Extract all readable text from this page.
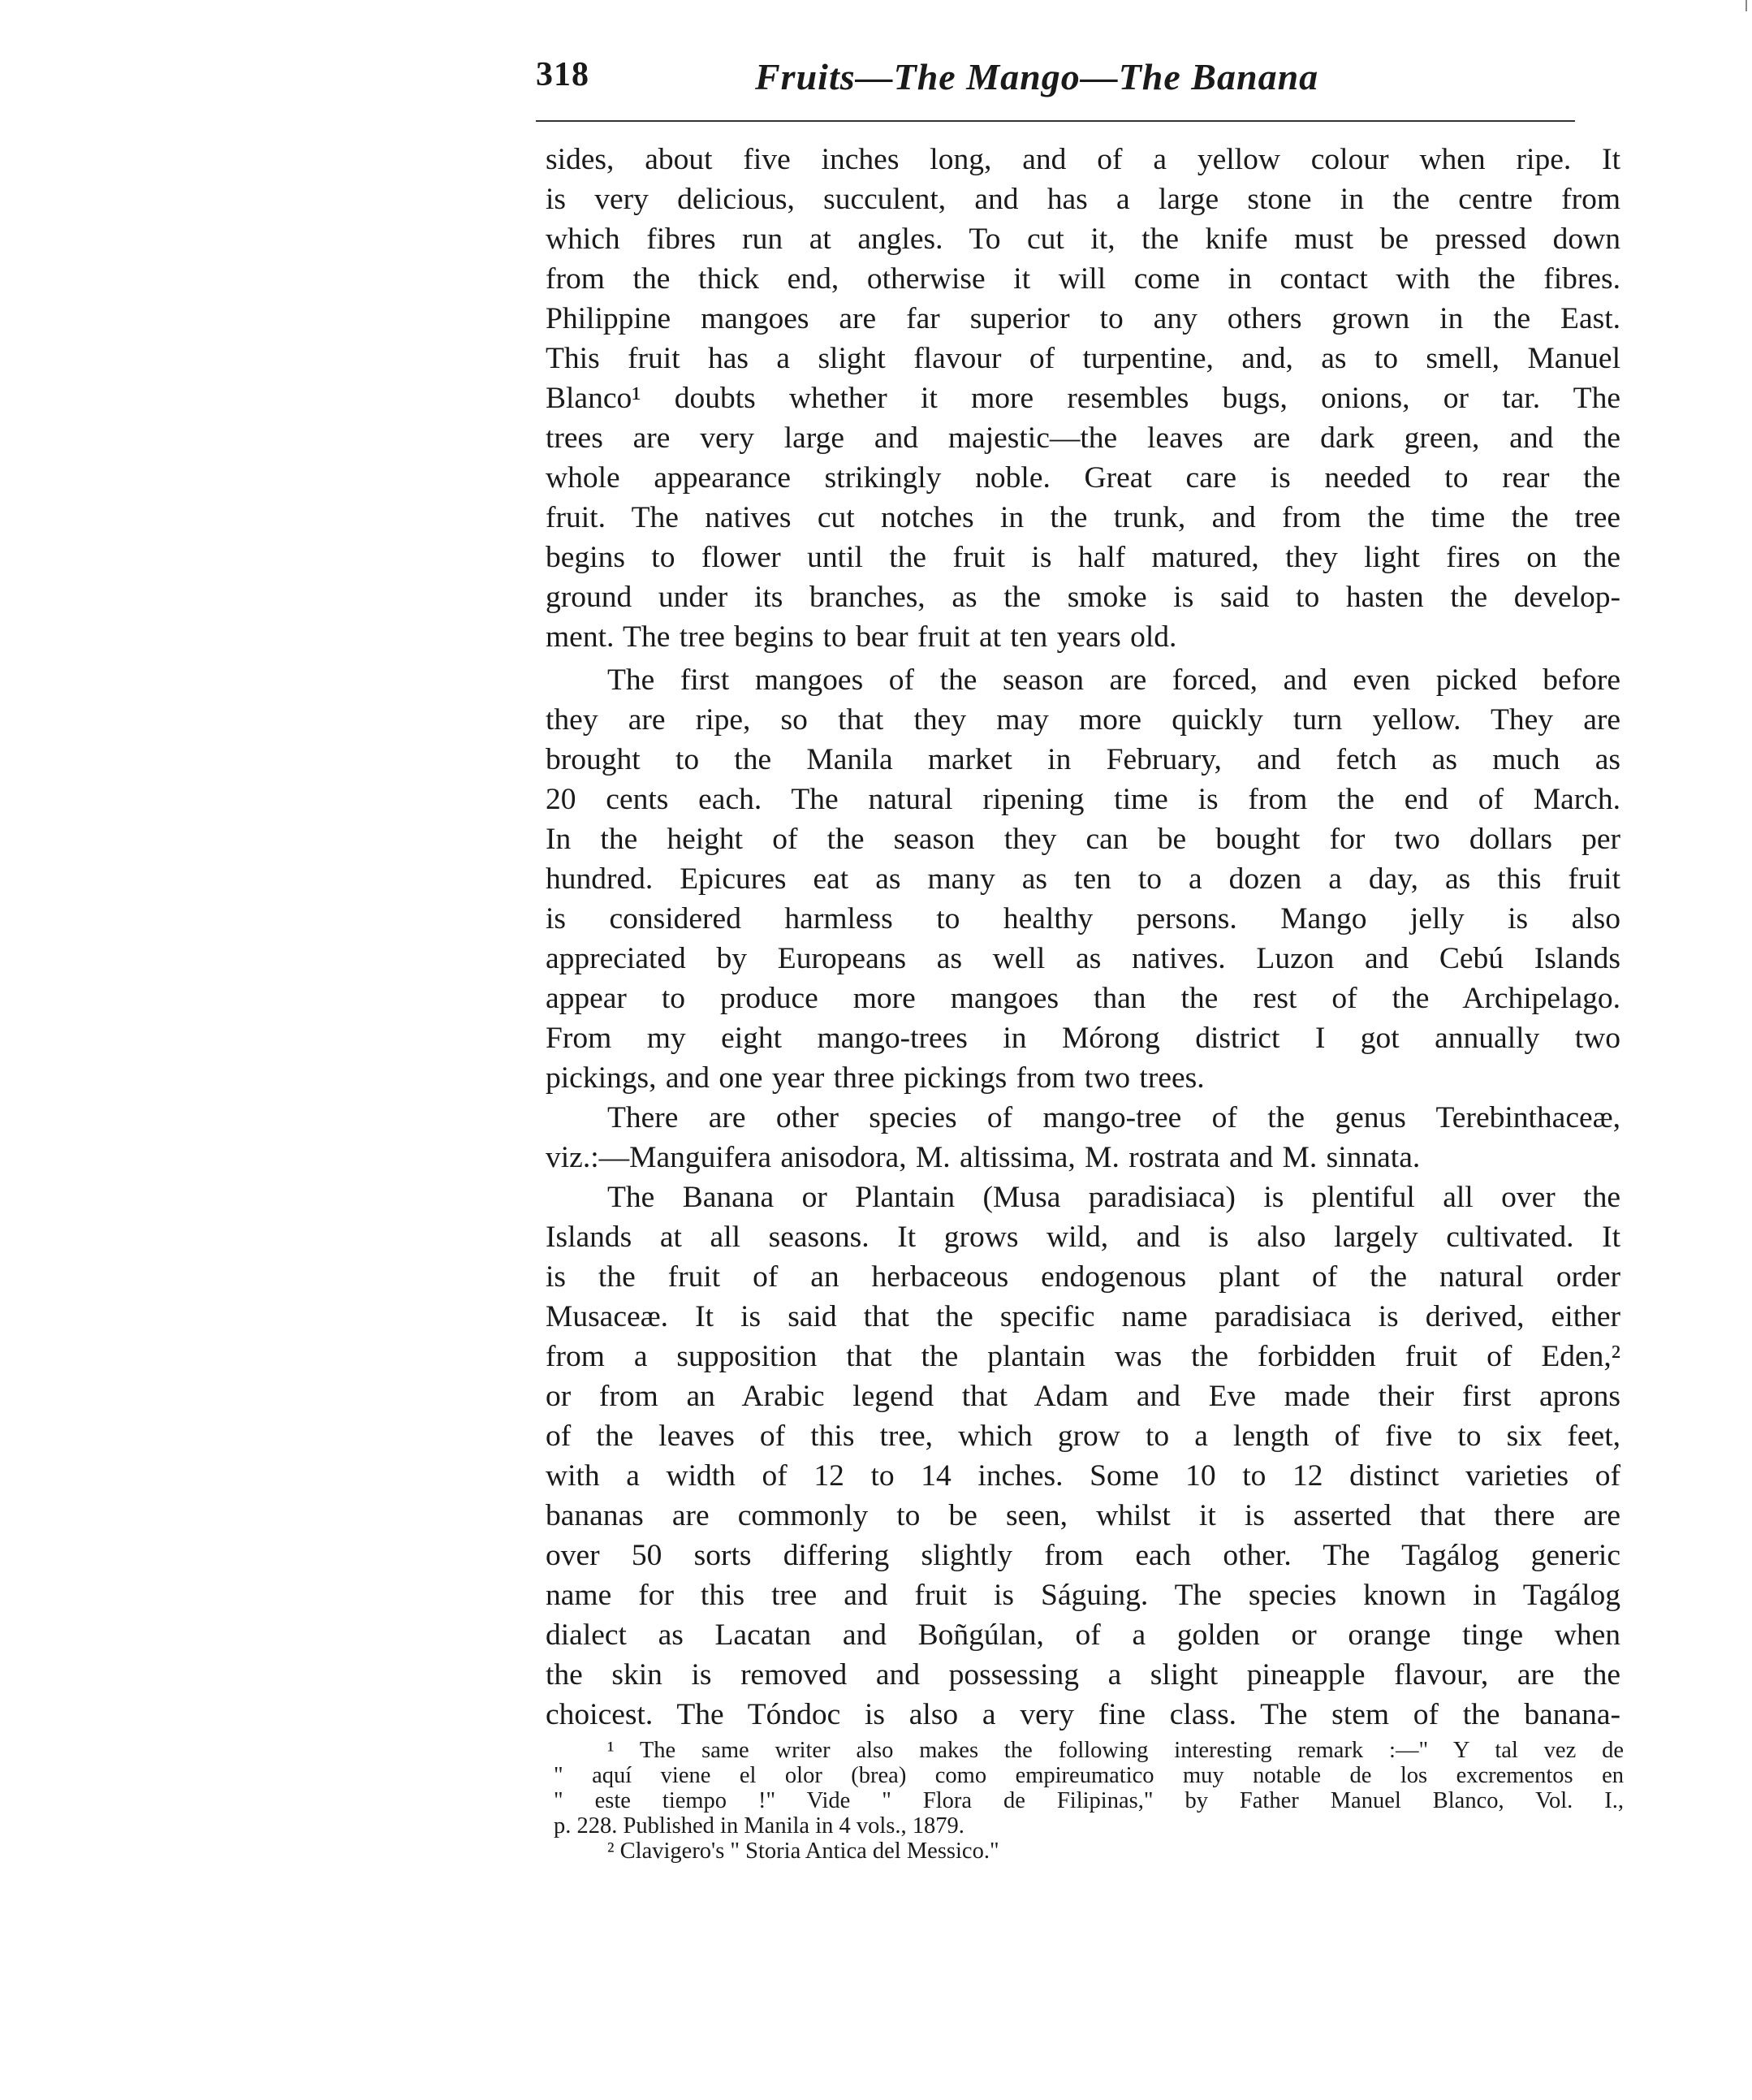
318	Fruits—The Mango—The Banana
sides, about five inches long, and of a yellow colour when ripe. It
is very delicious, succulent, and has a large stone in the centre from
which fibres run at angles. To cut it, the knife must be pressed down
from the thick end, otherwise it will come in contact with the fibres.
Philippine mangoes are far superior to any others grown in the East.
This fruit has a slight flavour of turpentine, and, as to smell, Manuel
Blanco¹ doubts whether it more resembles bugs, onions, or tar. The
trees are very large and majestic—the leaves are dark green, and the
whole appearance strikingly noble. Great care is needed to rear the
fruit. The natives cut notches in the trunk, and from the time the tree
begins to flower until the fruit is half matured, they light fires on the
ground under its branches, as the smoke is said to hasten the develop-
ment. The tree begins to bear fruit at ten years old.
The first mangoes of the season are forced, and even picked before
they are ripe, so that they may more quickly turn yellow. They are
brought to the Manila market in February, and fetch as much as
20 cents each. The natural ripening time is from the end of March.
In the height of the season they can be bought for two dollars per
hundred. Epicures eat as many as ten to a dozen a day, as this fruit
is considered harmless to healthy persons. Mango jelly is also
appreciated by Europeans as well as natives. Luzon and Cebú Islands
appear to produce more mangoes than the rest of the Archipelago.
From my eight mango-trees in Mórong district I got annually two
pickings, and one year three pickings from two trees.
There are other species of mango-tree of the genus Terebinthaceæ,
viz.:—Manguifera anisodora, M. altissima, M. rostrata and M. sinnata.
The Banana or Plantain (Musa paradisiaca) is plentiful all over the
Islands at all seasons. It grows wild, and is also largely cultivated. It
is the fruit of an herbaceous endogenous plant of the natural order
Musaceæ. It is said that the specific name paradisiaca is derived, either
from a supposition that the plantain was the forbidden fruit of Eden,²
or from an Arabic legend that Adam and Eve made their first aprons
of the leaves of this tree, which grow to a length of five to six feet,
with a width of 12 to 14 inches. Some 10 to 12 distinct varieties of
bananas are commonly to be seen, whilst it is asserted that there are
over 50 sorts differing slightly from each other. The Tagálog generic
name for this tree and fruit is Ságuing. The species known in Tagálog
dialect as Lacatan and Boñgúlan, of a golden or orange tinge when
the skin is removed and possessing a slight pineapple flavour, are the
choicest. The Tóndoc is also a very fine class. The stem of the banana-
¹ The same writer also makes the following interesting remark :—" Y tal vez de
" aquí viene el olor (brea) como empireumatico muy notable de los excrementos en
" este tiempo !" Vide " Flora de Filipinas," by Father Manuel Blanco, Vol. I.,
p. 228. Published in Manila in 4 vols., 1879.
² Clavigero's " Storia Antica del Messico."
